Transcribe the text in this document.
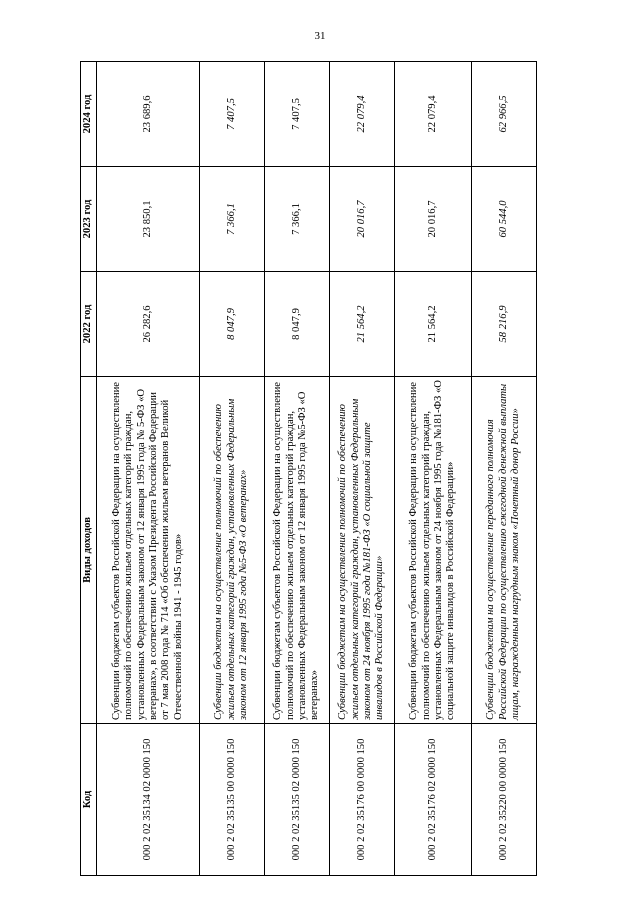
31
Код	Виды доходов	2022 год	2023 год	2024 год
000 2 02 35134 02 0000 150	Субвенции бюджетам субъектов Российской Федерации на осуществление полномочий по обеспечению жильем отдельных категорий граждан, установленных Федеральным законом от 12 января 1995 года № 5-ФЗ «О ветеранах», в соответствии с Указом Президента Российской Федерации от 7 мая 2008 года № 714 «Об обеспечении жильем ветеранов Великой Отечественной войны 1941 - 1945 годов»	26 282,6	23 850,1	23 689,6
000 2 02 35135 00 0000 150	Субвенции бюджетам на осуществление полномочий по обеспечению жильем отдельных категорий граждан, установленных Федеральным законом от 12 января 1995 года №5-ФЗ «О ветеранах»	8 047,9	7 366,1	7 407,5
000 2 02 35135 02 0000 150	Субвенции бюджетам субъектов Российской Федерации на осуществление полномочий по обеспечению жильем отдельных категорий граждан, установленных Федеральным законом от 12 января 1995 года №5-ФЗ «О ветеранах»	8 047,9	7 366,1	7 407,5
000 2 02 35176 00 0000 150	Субвенции бюджетам на осуществление полномочий по обеспечению жильем отдельных категорий граждан, установленных Федеральным законом от 24 ноября 1995 года №181-ФЗ «О социальной защите инвалидов в Российской Федерации»	21 564,2	20 016,7	22 079,4
000 2 02 35176 02 0000 150	Субвенции бюджетам субъектов Российской Федерации на осуществление полномочий по обеспечению жильем отдельных категорий граждан, установленных Федеральным законом от 24 ноября 1995 года №181-ФЗ «О социальной защите инвалидов в Российской Федерации»	21 564,2	20 016,7	22 079,4
000 2 02 35220 00 0000 150	Субвенции бюджетам на осуществление переданного полномочия Российской Федерации по осуществлению ежегодной денежной выплаты лицам, награжденным нагрудным знаком «Почетный донор России»	58 216,9	60 544,0	62 966,5
